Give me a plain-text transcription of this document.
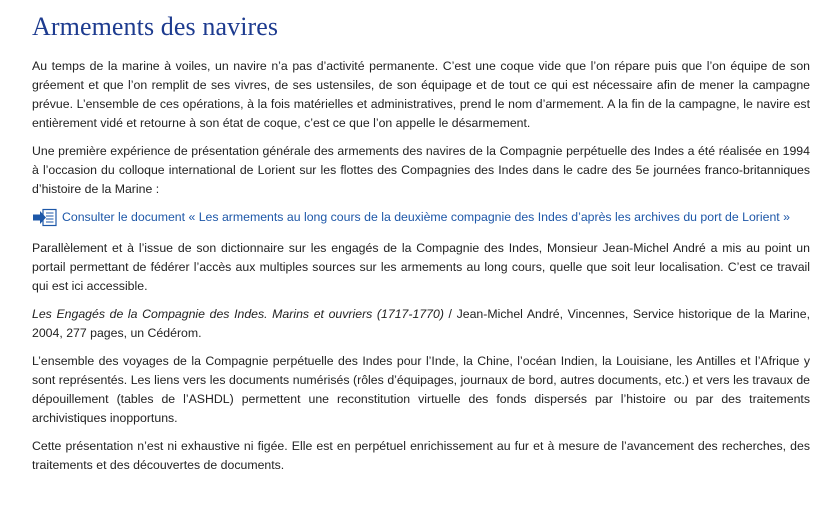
Armements des navires

Au temps de la marine à voiles, un navire n’a pas d’activité permanente. C’est une coque vide que l’on répare puis que l’on équipe de son gréement et que l’on remplit de ses vivres, de ses ustensiles, de son équipage et de tout ce qui est nécessaire afin de mener la campagne prévue. L’ensemble de ces opérations, à la fois matérielles et administratives, prend le nom d’armement. A la fin de la campagne, le navire est entièrement vidé et retourne à son état de coque, c’est ce que l’on appelle le désarmement.

Une première expérience de présentation générale des armements des navires de la Compagnie perpétuelle des Indes a été réalisée en 1994 à l’occasion du colloque international de Lorient sur les flottes des Compagnies des Indes dans le cadre des 5e journées franco-britanniques d’histoire de la Marine :

Consulter le document « Les armements au long cours de la deuxième compagnie des Indes d’après les archives du port de Lorient »

Parallèlement et à l’issue de son dictionnaire sur les engagés de la Compagnie des Indes, Monsieur Jean-Michel André a mis au point un portail permettant de fédérer l’accès aux multiples sources sur les armements au long cours, quelle que soit leur localisation. C’est ce travail qui est ici accessible.

Les Engagés de la Compagnie des Indes. Marins et ouvriers (1717-1770) / Jean-Michel André, Vincennes, Service historique de la Marine, 2004, 277 pages, un Cédérom.

L’ensemble des voyages de la Compagnie perpétuelle des Indes pour l’Inde, la Chine, l’océan Indien, la Louisiane, les Antilles et l’Afrique y sont représentés. Les liens vers les documents numérisés (rôles d’équipages, journaux de bord, autres documents, etc.) et vers les travaux de dépouillement (tables de l’ASHDL) permettent une reconstitution virtuelle des fonds dispersés par l’histoire ou par des traitements archivistiques inopportuns.

Cette présentation n’est ni exhaustive ni figée. Elle est en perpétuel enrichissement au fur et à mesure de l’avancement des recherches, des traitements et des découvertes de documents.
